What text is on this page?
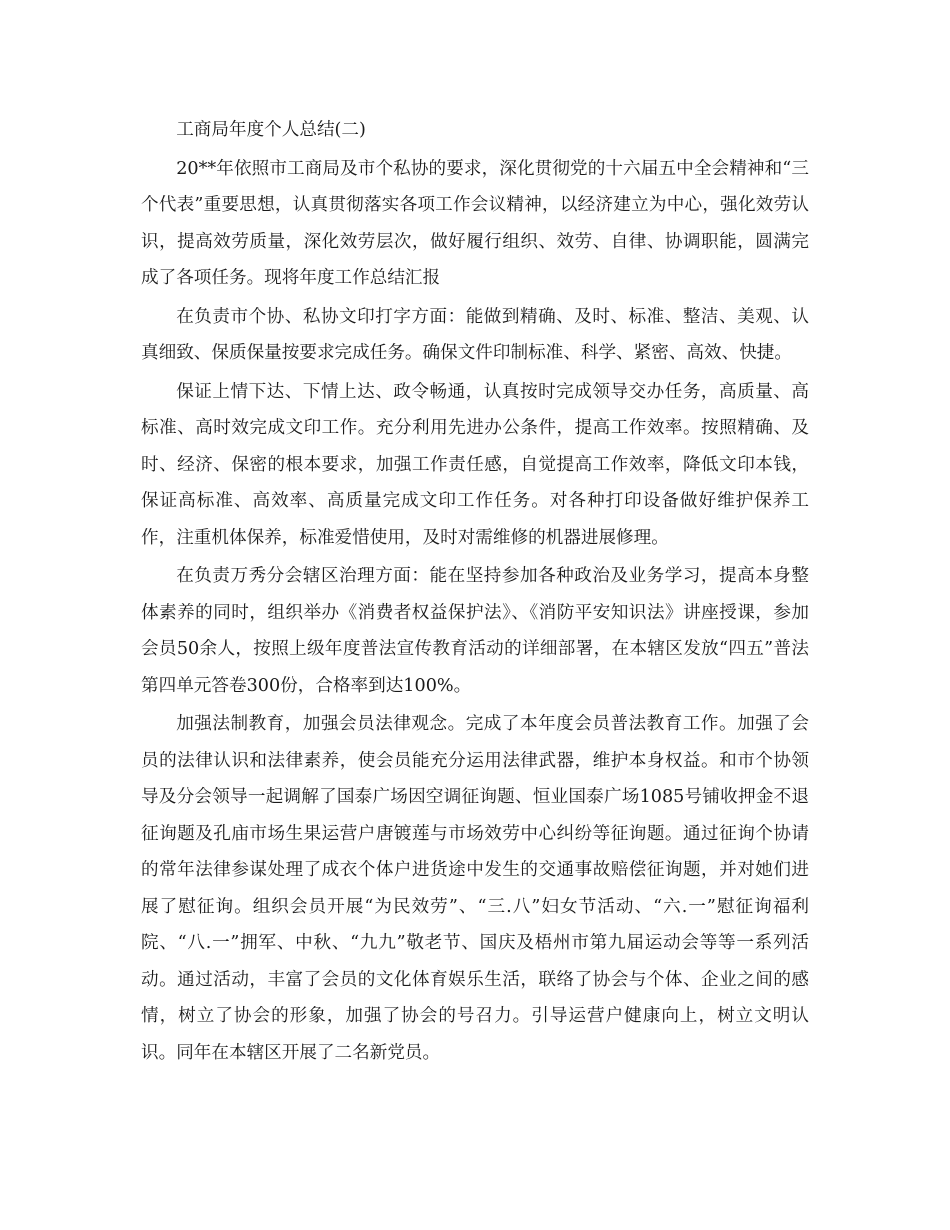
工商局年度个人总结(二)

20**年依照市工商局及市个私协的要求，深化贯彻党的十六届五中全会精神和“三个代表”重要思想，认真贯彻落实各项工作会议精神，以经济建立为中心，强化效劳认识，提高效劳质量，深化效劳层次，做好履行组织、效劳、自律、协调职能，圆满完成了各项任务。现将年度工作总结汇报

在负责市个协、私协文印打字方面：能做到精确、及时、标准、整洁、美观、认真细致、保质保量按要求完成任务。确保文件印制标准、科学、紧密、高效、快捷。

保证上情下达、下情上达、政令畅通，认真按时完成领导交办任务，高质量、高标准、高时效完成文印工作。充分利用先进办公条件，提高工作效率。按照精确、及时、经济、保密的根本要求，加强工作责任感，自觉提高工作效率，降低文印本钱，保证高标准、高效率、高质量完成文印工作任务。对各种打印设备做好维护保养工作，注重机体保养，标准爱惜使用，及时对需维修的机器进展修理。

在负责万秀分会辖区治理方面：能在坚持参加各种政治及业务学习，提高本身整体素养的同时，组织举办《消费者权益保护法》、《消防平安知识法》讲座授课，参加会员50余人，按照上级年度普法宣传教育活动的详细部署，在本辖区发放“四五”普法第四单元答卷300份，合格率到达100%。

加强法制教育，加强会员法律观念。完成了本年度会员普法教育工作。加强了会员的法律认识和法律素养，使会员能充分运用法律武器，维护本身权益。和市个协领导及分会领导一起调解了国泰广场因空调征询题、恒业国泰广场1085号铺收押金不退征询题及孔庙市场生果运营户唐镀莲与市场效劳中心纠纷等征询题。通过征询个协请的常年法律参谋处理了成衣个体户进货途中发生的交通事故赔偿征询题，并对她们进展了慰征询。组织会员开展“为民效劳”、“三.八”妇女节活动、“六.一”慰征询福利院、“八.一”拥军、中秋、“九九”敬老节、国庆及梧州市第九届运动会等等一系列活动。通过活动，丰富了会员的文化体育娱乐生活，联络了协会与个体、企业之间的感情，树立了协会的形象，加强了协会的号召力。引导运营户健康向上，树立文明认识。同年在本辖区开展了二名新党员。
